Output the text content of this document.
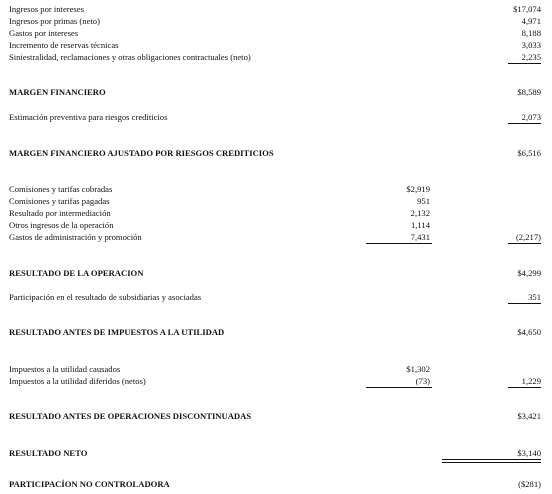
Ingresos por intereses	$17,074
Ingresos por primas (neto)	4,971
Gastos por intereses	8,188
Incremento de reservas técnicas	3,033
Siniestralidad, reclamaciones y otras obligaciones contractuales (neto)	2,235
MARGEN FINANCIERO	$8,589
Estimación preventiva para riesgos crediticios	2,073
MARGEN FINANCIERO AJUSTADO POR RIESGOS CREDITICIOS	$6,516
Comisiones y tarifas cobradas	$2,919
Comisiones y tarifas pagadas	951
Resultado por intermediación	2,132
Otros ingresos de la operación	1,114
Gastos de administración y promoción	7,431	(2,217)
RESULTADO DE LA OPERACION	$4,299
Participación en el resultado de subsidiarias y asociadas	351
RESULTADO ANTES DE IMPUESTOS A LA UTILIDAD	$4,650
Impuestos a la utilidad causados	$1,302
Impuestos a la utilidad diferidos (netos)	(73)	1,229
RESULTADO ANTES DE OPERACIONES DISCONTINUADAS	$3,421
RESULTADO NETO	$3,140
PARTICIPACÍON NO CONTROLADORA	($281)
